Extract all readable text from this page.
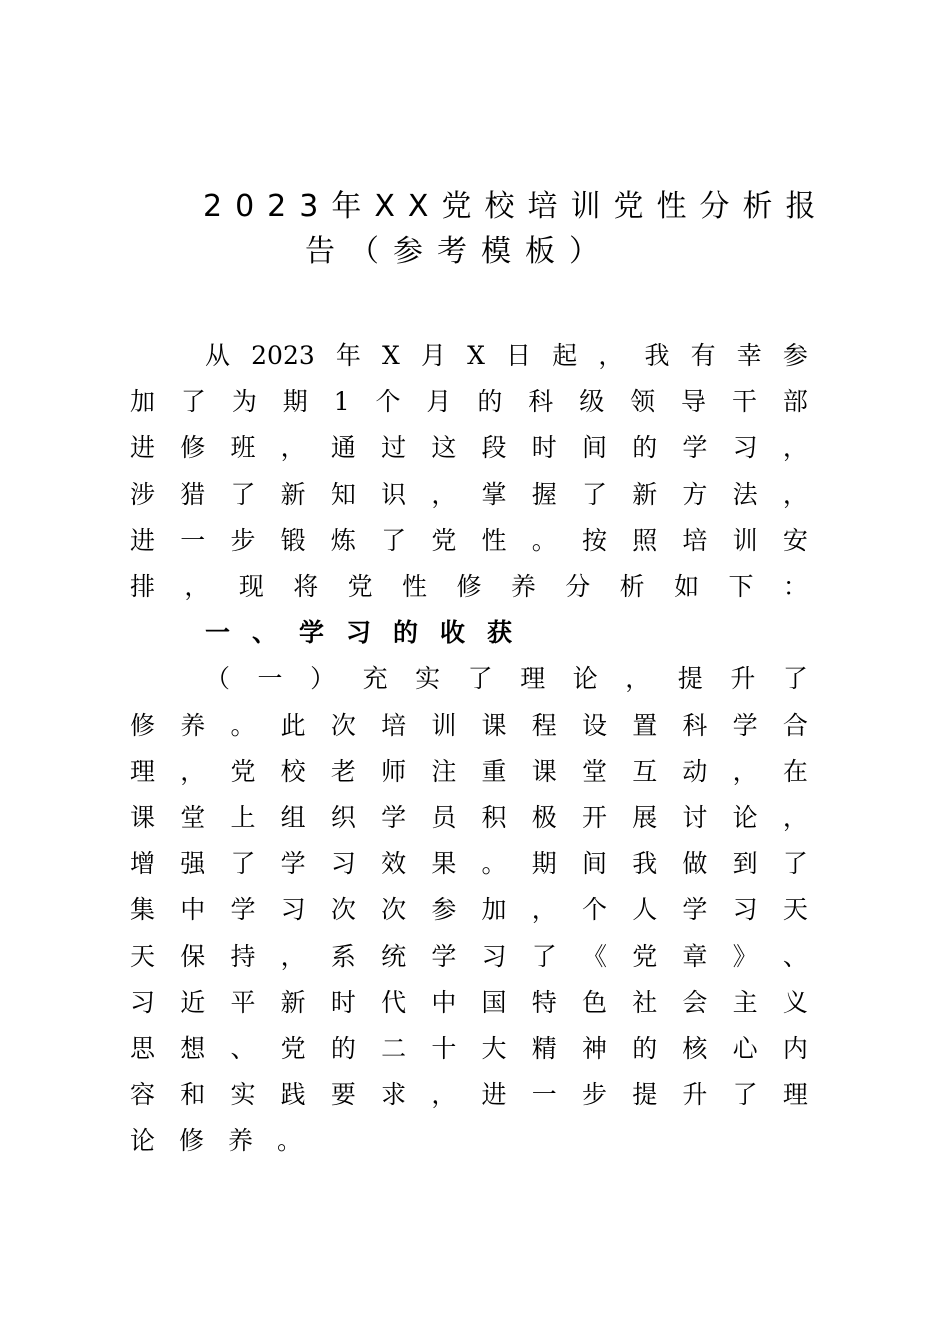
2023年XX党校培训党性分析报
告（参考模板）
从 2023 年 X 月 X 日 起 ， 我 有 幸 参
加 了 为 期 1 个 月 的 科 级 领 导 干 部
进 修 班 ， 通 过 这 段 时 间 的 学 习 ，
涉 猎 了 新 知 识 ， 掌 握 了 新 方 法 ，
进 一 步 锻 炼 了 党 性 。 按 照 培 训 安
排 ， 现 将 党 性 修 养 分 析 如 下 ：
一、学习的收获
（ 一 ） 充 实 了 理 论 ， 提 升 了
修 养 。 此 次 培 训 课 程 设 置 科 学 合
理 ， 党 校 老 师 注 重 课 堂 互 动 ， 在
课 堂 上 组 织 学 员 积 极 开 展 讨 论 ，
增 强 了 学 习 效 果 。 期 间 我 做 到 了
集 中 学 习 次 次 参 加 ， 个 人 学 习 天
天 保 持 ， 系 统 学 习 了 《 党 章 》 、
习 近 平 新 时 代 中 国 特 色 社 会 主 义
思 想 、 党 的 二 十 大 精 神 的 核 心 内
容 和 实 践 要 求 ， 进 一 步 提 升 了 理
论修养。
